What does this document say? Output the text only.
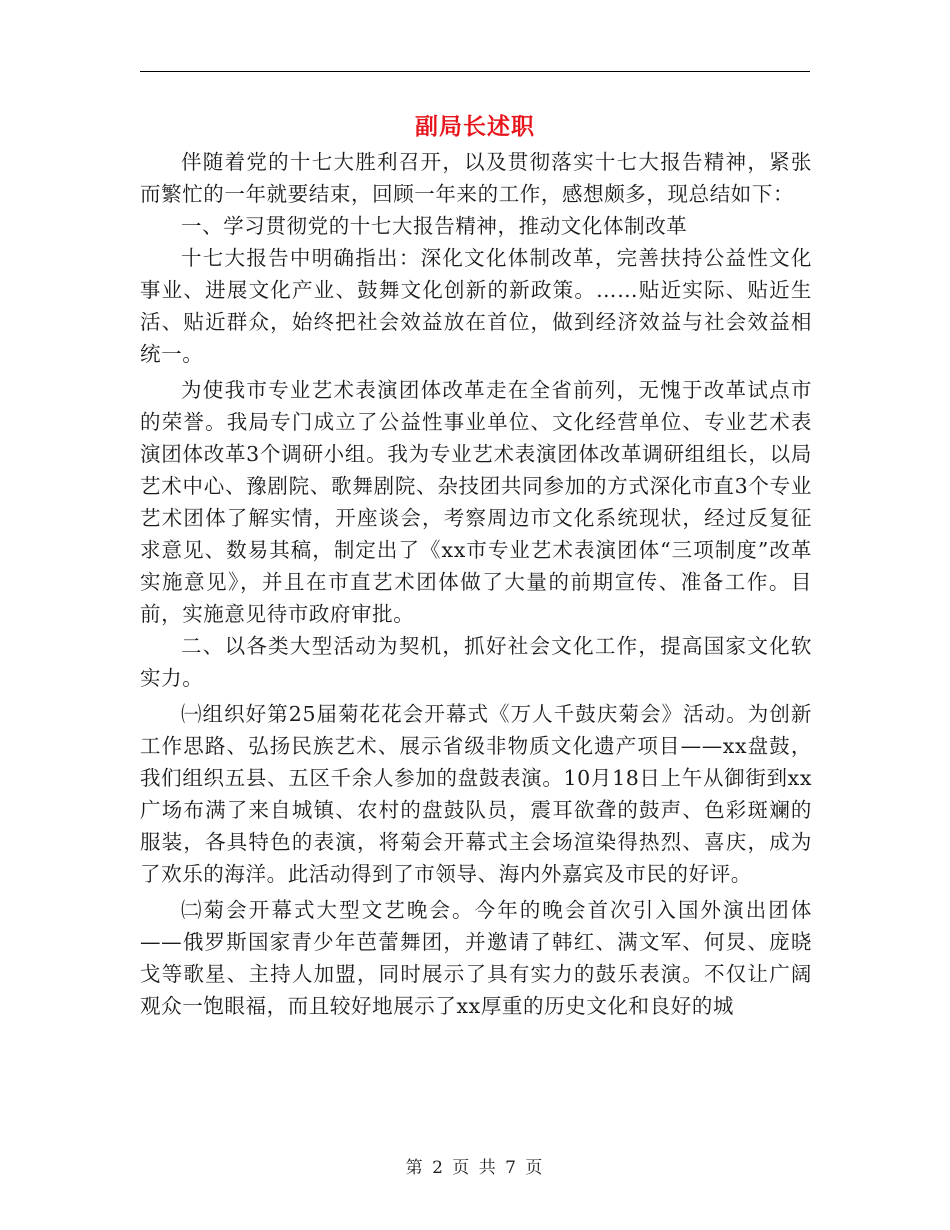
副局长述职

伴随着党的十七大胜利召开，以及贯彻落实十七大报告精神，紧张而繁忙的一年就要结束，回顾一年来的工作，感想颇多，现总结如下：

一、学习贯彻党的十七大报告精神，推动文化体制改革

十七大报告中明确指出：深化文化体制改革，完善扶持公益性文化事业、进展文化产业、鼓舞文化创新的新政策。……贴近实际、贴近生活、贴近群众，始终把社会效益放在首位，做到经济效益与社会效益相统一。

为使我市专业艺术表演团体改革走在全省前列，无愧于改革试点市的荣誉。我局专门成立了公益性事业单位、文化经营单位、专业艺术表演团体改革3个调研小组。我为专业艺术表演团体改革调研组组长，以局艺术中心、豫剧院、歌舞剧院、杂技团共同参加的方式深化市直3个专业艺术团体了解实情，开座谈会，考察周边市文化系统现状，经过反复征求意见、数易其稿，制定出了《xx市专业艺术表演团体“三项制度”改革实施意见》，并且在市直艺术团体做了大量的前期宣传、准备工作。目前，实施意见待市政府审批。

二、以各类大型活动为契机，抓好社会文化工作，提高国家文化软实力。

㈠组织好第25届菊花花会开幕式《万人千鼓庆菊会》活动。为创新工作思路、弘扬民族艺术、展示省级非物质文化遗产项目——xx盘鼓，我们组织五县、五区千余人参加的盘鼓表演。10月18日上午从御街到xx广场布满了来自城镇、农村的盘鼓队员，震耳欲聋的鼓声、色彩斑斓的服装，各具特色的表演，将菊会开幕式主会场渲染得热烈、喜庆，成为了欢乐的海洋。此活动得到了市领导、海内外嘉宾及市民的好评。

㈡菊会开幕式大型文艺晚会。今年的晚会首次引入国外演出团体——俄罗斯国家青少年芭蕾舞团，并邀请了韩红、满文军、何炅、庞晓戈等歌星、主持人加盟，同时展示了具有实力的鼓乐表演。不仅让广阔观众一饱眼福，而且较好地展示了xx厚重的历史文化和良好的城

第 2 页 共 7 页
